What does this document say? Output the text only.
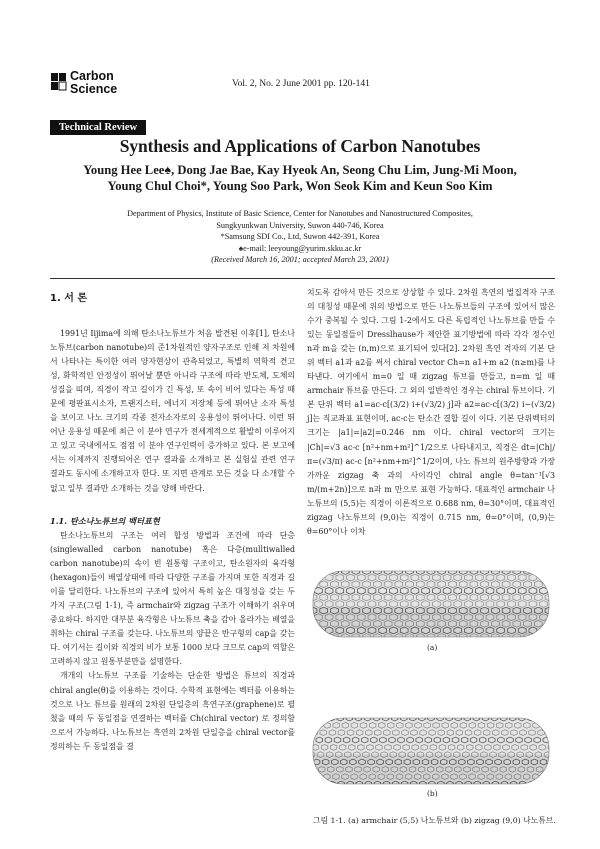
Carbon
Science	Vol. 2, No. 2 June 2001 pp. 120-141
Technical Review
Synthesis and Applications of Carbon Nanotubes
Young Hee Lee♠, Dong Jae Bae, Kay Hyeok An, Seong Chu Lim, Jung-Mi Moon,
Young Chul Choi*, Young Soo Park, Won Seok Kim and Keun Soo Kim
Department of Physics, Institute of Basic Science, Center for Nanotubes and Nanostructured Composites,
Sungkyunkwan University, Suwon 440-746, Korea
*Samsung SDI Co., Ltd, Suwon 442-391, Korea
♠e-mail: leeyoung@yurim.skku.ac.kr
(Received March 16, 2001; accepted March 23, 2001)
1. 서 론

1991년 Iijima에 의해 탄소나노튜브가 처음 발견된 이후[1], 탄소나노튜브(carbon nanotube)의 준1차원적인 양자구조로 인해 저 차원에서 나타나는 특이한 여러 양자현상이 관측되었고, 특별히 역학적 견고성, 화학적인 안정성이 뛰어날 뿐만 아니라 구조에 따라 반도체, 도체의 성질을 띠며, 직경이 작고 길이가 긴 특성, 또 속이 비어 있다는 특성 때문에 평판표시소자, 트랜지스터, 에너지 저장체 등에 뛰어난 소자 특성을 보이고 나노 크기의 각종 전자소자로의 응용성이 뛰어나다. 이런 뛰어난 응용성 때문에 최근 이 분야 연구가 전세계적으로 활발히 이루어지고 있고 국내에서도 점점 이 분야 연구인력이 증가하고 있다. 본 보고에서는 이제까지 진행되어온 연구 결과를 소개하고 본 실험실 관련 연구 결과도 동시에 소개하고자 한다. 또 지면 관계로 모든 것을 다 소개할 수 없고 일부 결과만 소개하는 것을 양해 바란다.

1.1. 탄소나노튜브의 백터표현

탄소나노튜브의 구조는 여러 합성 방법과 조건에 따라 단층(singlewalled carbon nanotube) 혹은 다층(mulltiwalled carbon nanotube)의 속이 빈 원통형 구조이고, 탄소원자의 육각형(hexagon)들이 배열상태에 따라 다양한 구조를 가지며 또한 직경과 길이를 달리한다. 나노튜브의 구조에 있어서 특히 높은 대칭성을 갖는 두 가지 구조(그림 1-1), 즉 armchair와 zigzag 구조가 이해하기 쉬우며 중요하다. 하지만 대부분 육각형은 나노튜브 축을 감아 올라가는 배열을 취하는 chiral 구조를 갖는다. 나노튜브의 양끝은 반구형의 cap을 갖는다. 여기서는 길이와 직경의 비가 보통 1000 보다 크므로 cap의 역할은 고려하지 않고 원통부분만을 설명한다.

개개의 나노튜브 구조를 기술하는 단순한 방법은 튜브의 직경과 chiral angle(θ)을 이용하는 것이다. 수학적 표현에는 벡터를 이용하는 것으로 나노 튜브를 원래의 2차원 단일층의 흑연구조(graphene)로 펼쳤을 때의 두 동일점을 연결하는 벡터를 Ch(chiral vector) 로 정의함으로서 가능하다. 나노튜브는 흑연의 2차원 단일층을 chiral vector를 정의하는 두 동일점을 결

치도록 감아서 만든 것으로 상상할 수 있다. 2차원 흑연의 벌집격자 구조의 대칭성 때문에 위의 방법으로 만든 나노튜브들의 구조에 있어서 많은 수가 중복될 수 있다. 그림 1-2에서도 다른 독립적인 나노튜브를 만들 수 있는 동일점들이 Dresslhause가 제안한 표기방법에 따라 각각 정수인 n과 m을 갖는 (n,m)으로 표기되어 있다[2]. 2차원 흑연 격자의 기본 단위 벡터 a1과 a2를 써서 chiral vector Ch=n a1+m a2 (n≥m)를 나타낸다. 여기에서 m=0 일 때 zigzag 튜브를 만들고, n=m 일 때 armchair 튜브를 만든다. 그 외의 일반적인 경우는 chiral 튜브이다. 기본 단위 벡터 a1=ac-c[(3/2) i+(√3/2) j]과 a2=ac-c[(3/2) i−(√3/2) j]는 직교좌표 표현이며, ac-c는 탄소간 결합 길이 이다. 기본 단위벡터의 크기는 |a1|=|a2|=0.246 nm 이다. chiral vector의 크기는 |Ch|=√3 ac-c [n²+nm+m²]^1/2으로 나타내지고, 직경은 dt=|Ch|/π=(√3/π) ac-c [n²+nm+m²]^1/2이며, 나노 튜브의 원주방향과 가장 가까운 zigzag 축 과의 사이각인 chiral angle θ=tan⁻¹[√3 m/(m+2n)]으로 n과 m 만으로 표현 가능하다. 대표적인 armchair 나노튜브의 (5,5)는 직경이 이론적으로 0.688 nm, θ=30°이며, 대표적인 zigzag 나노튜브의 (9,0)는 직경이 0.715 nm, θ=0°이며, (0,9)는 θ=60°이나 이차

(a)
(b)
그림 1-1. (a) armchair (5,5) 나노튜브와 (b) zigzag (9,0) 나노튜브.
